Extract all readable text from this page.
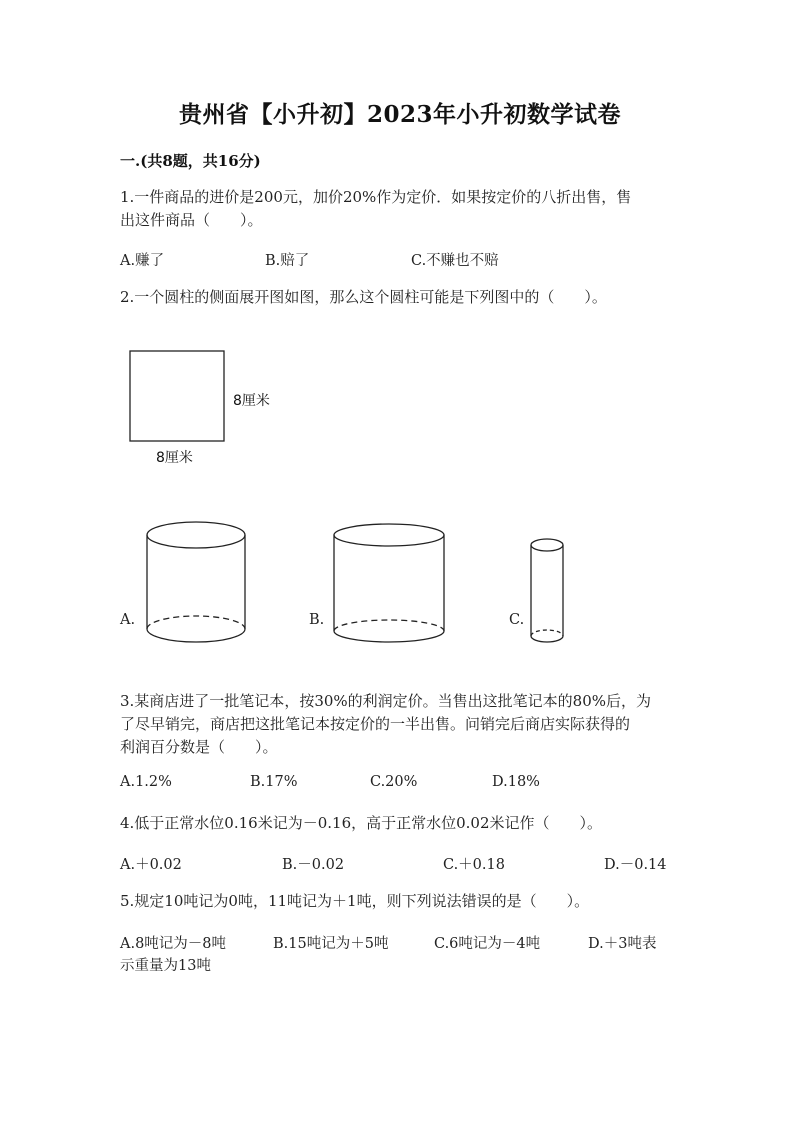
贵州省【小升初】2023年小升初数学试卷
一.(共8题，共16分)
1.一件商品的进价是200元，加价20%作为定价．如果按定价的八折出售，售
出这件商品（　　）。
A.赚了	B.赔了	C.不赚也不赔
2.一个圆柱的侧面展开图如图，那么这个圆柱可能是下列图中的（　　）。
8厘米
8厘米
A.	B.	C.
3.某商店进了一批笔记本，按30%的利润定价。当售出这批笔记本的80%后，为
了尽早销完，商店把这批笔记本按定价的一半出售。问销完后商店实际获得的
利润百分数是（　　）。
A.1.2%	B.17%	C.20%	D.18%
4.低于正常水位0.16米记为－0.16，高于正常水位0.02米记作（　　）。
A.＋0.02	B.－0.02	C.＋0.18	D.－0.14
5.规定10吨记为0吨，11吨记为＋1吨，则下列说法错误的是（　　）。
A.8吨记为－8吨	B.15吨记为＋5吨	C.6吨记为－4吨	D.＋3吨表
示重量为13吨
